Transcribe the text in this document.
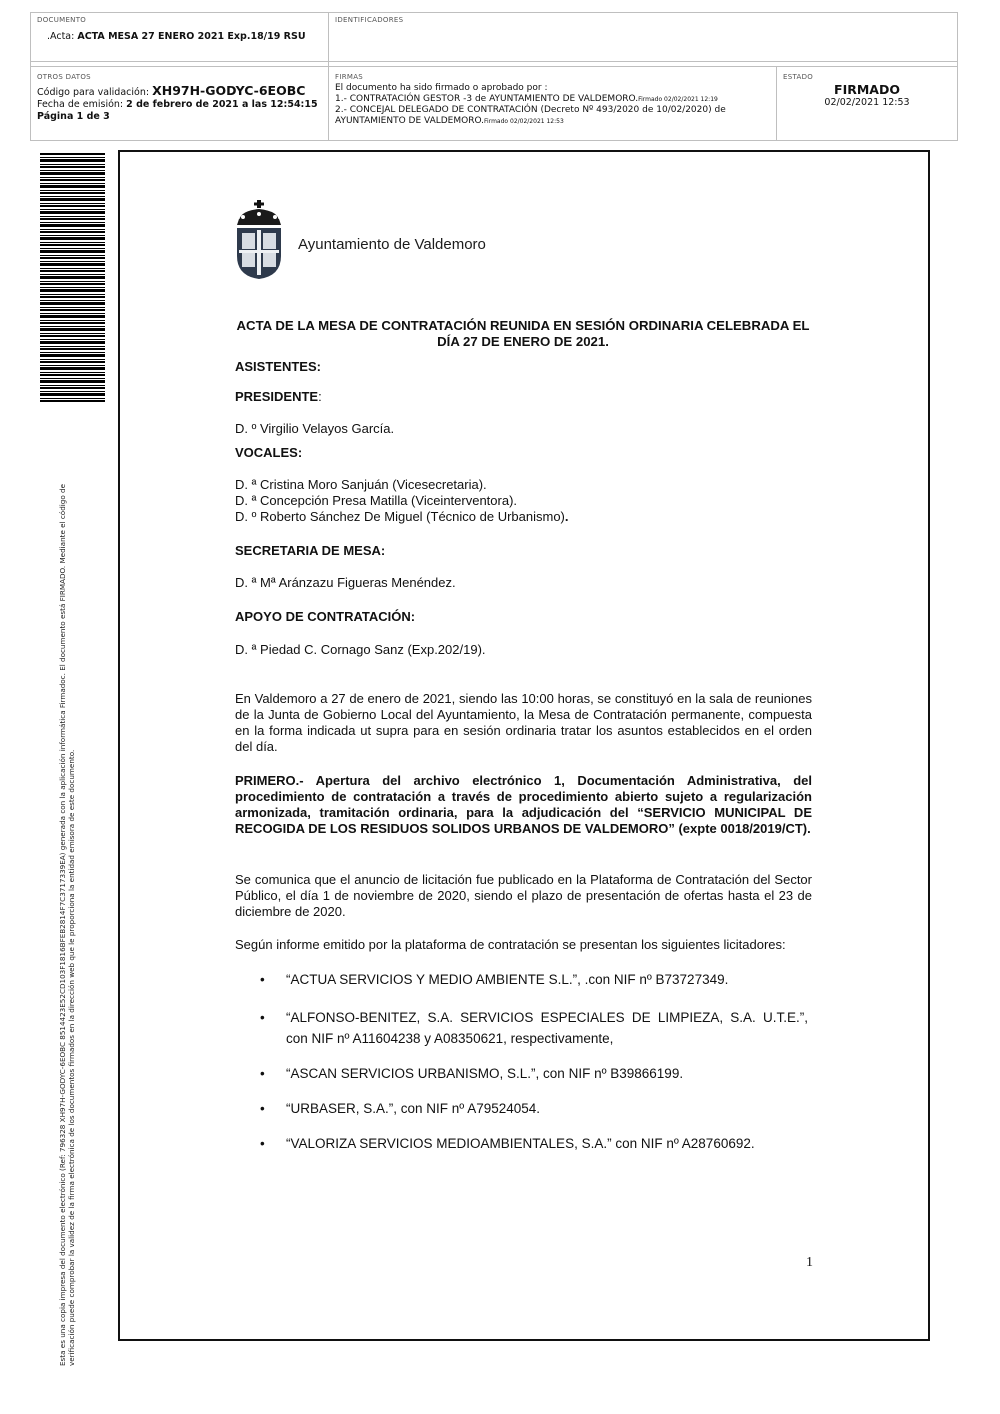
DOCUMENTO
.Acta: ACTA MESA 27 ENERO 2021 Exp.18/19 RSU
IDENTIFICADORES
OTROS DATOS
Código para validación: XH97H-GODYC-6EOBC
Fecha de emisión: 2 de febrero de 2021 a las 12:54:15
Página 1 de 3
FIRMAS
El documento ha sido firmado o aprobado por :
1.- CONTRATACIÓN GESTOR -3 de AYUNTAMIENTO DE VALDEMORO.Firmado 02/02/2021 12:19
2.- CONCEJAL DELEGADO DE CONTRATACIÓN (Decreto Nº 493/2020 de 10/02/2020) de AYUNTAMIENTO DE VALDEMORO.Firmado 02/02/2021 12:53
ESTADO
FIRMADO
02/02/2021 12:53
Esta es una copia impresa del documento electrónico (Ref: 796328 XH97H-GODYC-6EOBC 8514423E52CD103F1816BFEB2814F7C3717339EA) generada con la aplicación informática Firmadoc. El documento está FIRMADO. Mediante el código de verificación puede comprobar la validez de la firma electrónica de los documentos firmados en la dirección web que le proporciona la entidad emisora de este documento.
Ayuntamiento de Valdemoro
ACTA DE LA MESA DE CONTRATACIÓN REUNIDA EN SESIÓN ORDINARIA CELEBRADA EL DÍA 27 DE ENERO DE 2021.
ASISTENTES:
PRESIDENTE:
D. º Virgilio Velayos García.
VOCALES:
D. ª Cristina Moro Sanjuán (Vicesecretaria).
D. ª Concepción Presa Matilla (Viceinterventora).
D. º Roberto Sánchez De Miguel (Técnico de Urbanismo).
SECRETARIA DE MESA:
D. ª Mª Aránzazu Figueras Menéndez.
APOYO DE CONTRATACIÓN:
D. ª Piedad C. Cornago Sanz (Exp.202/19).
En Valdemoro a 27 de enero de 2021, siendo las 10:00 horas, se constituyó en la sala de reuniones de la Junta de Gobierno Local del Ayuntamiento, la Mesa de Contratación permanente, compuesta en la forma indicada ut supra para en sesión ordinaria tratar los asuntos establecidos en el orden del día.
PRIMERO.- Apertura del archivo electrónico 1, Documentación Administrativa, del procedimiento de contratación a través de procedimiento abierto sujeto a regularización armonizada, tramitación ordinaria, para la adjudicación del “SERVICIO MUNICIPAL DE RECOGIDA DE LOS RESIDUOS SOLIDOS URBANOS DE VALDEMORO” (expte 0018/2019/CT).
Se comunica que el anuncio de licitación fue publicado en la Plataforma de Contratación del Sector Público, el día 1 de noviembre de 2020, siendo el plazo de presentación de ofertas hasta el 23 de diciembre de 2020.
Según informe emitido por la plataforma de contratación se presentan los siguientes licitadores:
• “ACTUA SERVICIOS Y MEDIO AMBIENTE S.L.”, .con NIF nº B73727349.
• “ALFONSO-BENITEZ, S.A. SERVICIOS ESPECIALES DE LIMPIEZA, S.A. U.T.E.”, con NIF nº A11604238 y A08350621, respectivamente,
• “ASCAN SERVICIOS URBANISMO, S.L.”, con NIF nº B39866199.
• “URBASER, S.A.”, con NIF nº A79524054.
• “VALORIZA SERVICIOS MEDIOAMBIENTALES, S.A.” con NIF nº A28760692.
1
